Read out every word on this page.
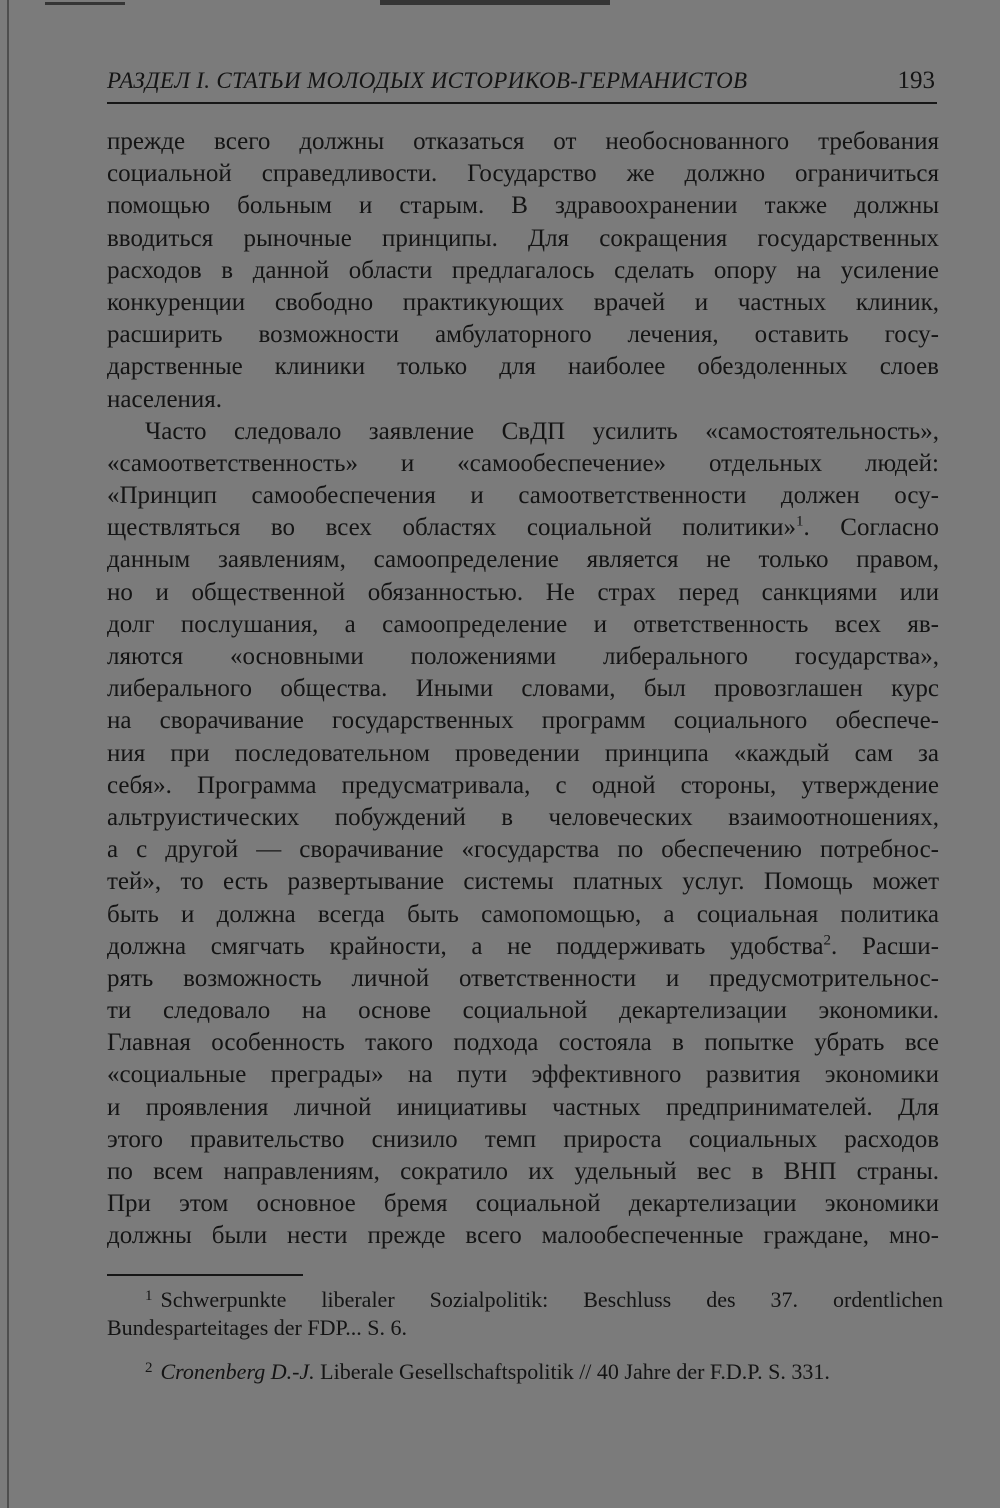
РАЗДЕЛ I. СТАТЬИ МОЛОДЫХ ИСТОРИКОВ-ГЕРМАНИСТОВ	193
прежде всего должны отказаться от необоснованного требования
социальной справедливости. Государство же должно ограничиться
помощью больным и старым. В здравоохранении также должны
вводиться рыночные принципы. Для сокращения государственных
расходов в данной области предлагалось сделать опору на усиление
конкуренции свободно практикующих врачей и частных клиник,
расширить возможности амбулаторного лечения, оставить госу-
дарственные клиники только для наиболее обездоленных слоев
населения.
Часто следовало заявление СвДП усилить «самостоятельность»,
«самоответственность» и «самообеспечение» отдельных людей:
«Принцип самообеспечения и самоответственности должен осу-
ществляться во всех областях социальной политики»$^1$. Согласно
данным заявлениям, самоопределение является не только правом,
но и общественной обязанностью. Не страх перед санкциями или
долг послушания, а самоопределение и ответственность всех яв-
ляются «основными положениями либерального государства»,
либерального общества. Иными словами, был провозглашен курс
на сворачивание государственных программ социального обеспече-
ния при последовательном проведении принципа «каждый сам за
себя». Программа предусматривала, с одной стороны, утверждение
альтруистических побуждений в человеческих взаимоотношениях,
а с другой — сворачивание «государства по обеспечению потребнос-
тей», то есть развертывание системы платных услуг. Помощь может
быть и должна всегда быть самопомощью, а социальная политика
должна смягчать крайности, а не поддерживать удобства$^2$. Расши-
рять возможность личной ответственности и предусмотрительнос-
ти следовало на основе социальной декартелизации экономики.
Главная особенность такого подхода состояла в попытке убрать все
«социальные преграды» на пути эффективного развития экономики
и проявления личной инициативы частных предпринимателей. Для
этого правительство снизило темп прироста социальных расходов
по всем направлениям, сократило их удельный вес в ВНП страны.
При этом основное бремя социальной декартелизации экономики
должны были нести прежде всего малообеспеченные граждане, мно-
$^1$ Schwerpunkte liberaler Sozialpolitik: Beschluss des 37. ordentlichen
Bundesparteitages der FDP... S. 6.
$^2$ Cronenberg D.-J. Liberale Gesellschaftspolitik // 40 Jahre der F.D.P. S. 331.
